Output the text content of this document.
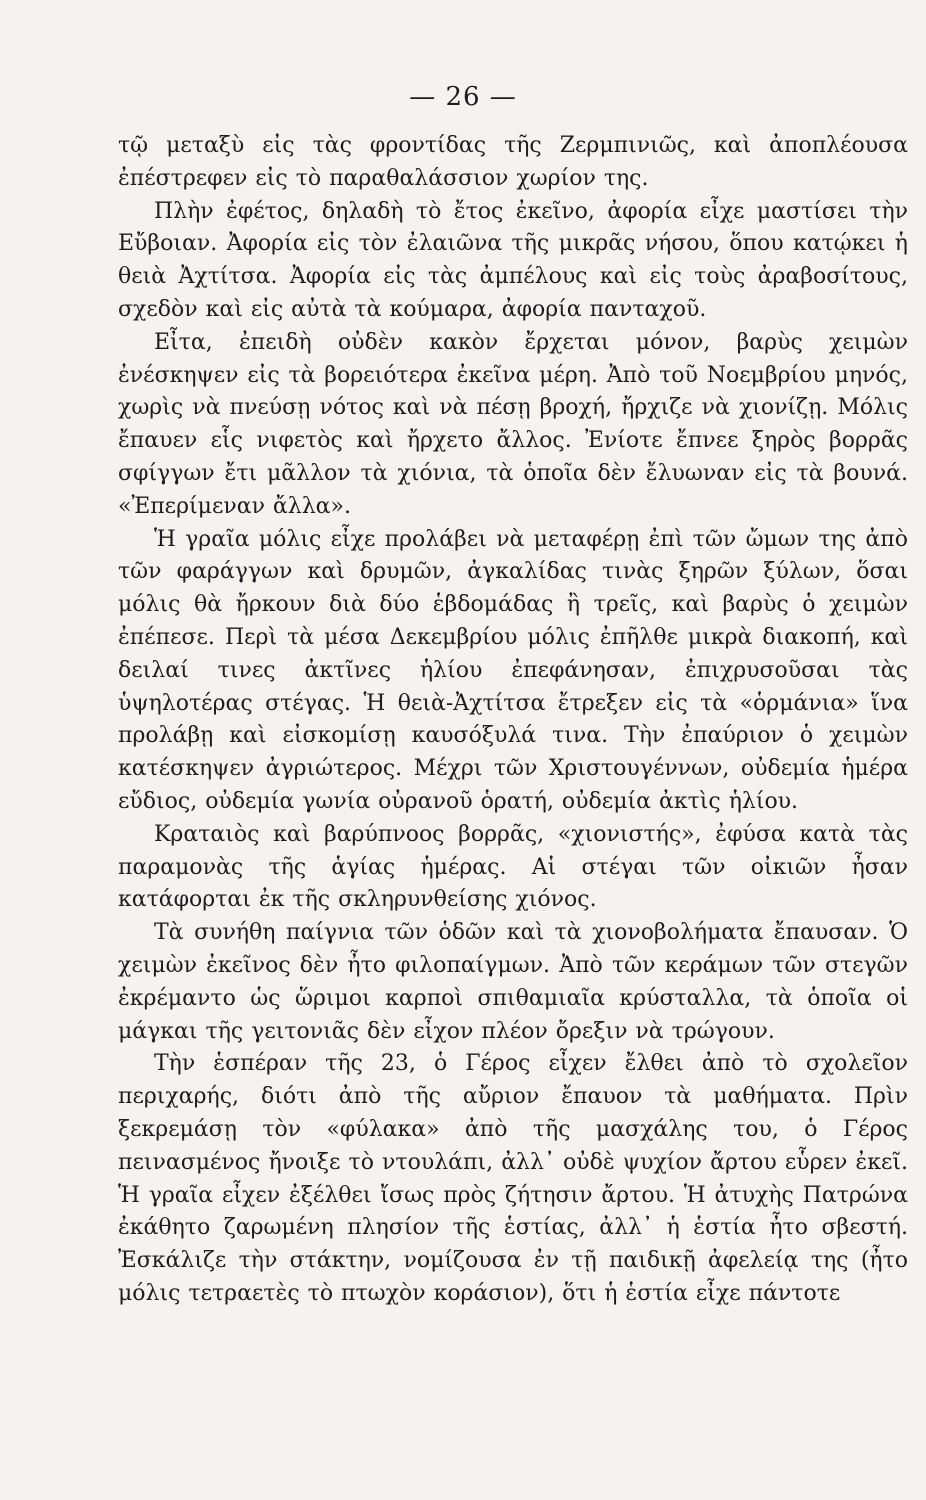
— 26 —

τῷ μεταξὺ εἰς τὰς φροντίδας τῆς Ζερμπινιῶς, καὶ ἀποπλέουσα ἐπέστρεφεν εἰς τὸ παραθαλάσσιον χωρίον της.

Πλὴν ἐφέτος, δηλαδὴ τὸ ἔτος ἐκεῖνο, ἀφορία εἶχε μαστίσει τὴν Εὔβοιαν. Ἀφορία εἰς τὸν ἐλαιῶνα τῆς μικρᾶς νήσου, ὅπου κατῴκει ἡ θειὰ Ἀχτίτσα. Ἀφορία εἰς τὰς ἀμπέλους καὶ εἰς τοὺς ἀραβοσίτους, σχεδὸν καὶ εἰς αὐτὰ τὰ κούμαρα, ἀφορία πανταχοῦ.

Εἶτα, ἐπειδὴ οὐδὲν κακὸν ἔρχεται μόνον, βαρὺς χειμὼν ἐνέσκηψεν εἰς τὰ βορειότερα ἐκεῖνα μέρη. Ἀπὸ τοῦ Νοεμβρίου μηνός, χωρὶς νὰ πνεύσῃ νότος καὶ νὰ πέσῃ βροχή, ἤρχιζε νὰ χιονίζῃ. Μόλις ἔπαυεν εἷς νιφετὸς καὶ ἤρχετο ἄλλος. Ἐνίοτε ἔπνεε ξηρὸς βορρᾶς σφίγγων ἔτι μᾶλλον τὰ χιόνια, τὰ ὁποῖα δὲν ἔλυωναν εἰς τὰ βουνά. «Ἐπερίμεναν ἄλλα».

Ἡ γραῖα μόλις εἶχε προλάβει νὰ μεταφέρῃ ἐπὶ τῶν ὤμων της ἀπὸ τῶν φαράγγων καὶ δρυμῶν, ἀγκαλίδας τινὰς ξηρῶν ξύλων, ὅσαι μόλις θὰ ἤρκουν διὰ δύο ἑβδομάδας ἢ τρεῖς, καὶ βαρὺς ὁ χειμὼν ἐπέπεσε. Περὶ τὰ μέσα Δεκεμβρίου μόλις ἐπῆλθε μικρὰ διακοπή, καὶ δειλαί τινες ἀκτῖνες ἡλίου ἐπεφάνησαν, ἐπιχρυσοῦσαι τὰς ὑψηλοτέρας στέγας. Ἡ θειὰ-Ἀχτίτσα ἔτρεξεν εἰς τὰ «ὁρμάνια» ἵνα προλάβῃ καὶ εἰσκομίσῃ καυσόξυλά τινα. Τὴν ἐπαύριον ὁ χειμὼν κατέσκηψεν ἀγριώτερος. Μέχρι τῶν Χριστουγέννων, οὐδεμία ἡμέρα εὔδιος, οὐδεμία γωνία οὐρανοῦ ὁρατή, οὐδεμία ἀκτὶς ἡλίου.

Κραταιὸς καὶ βαρύπνοος βορρᾶς, «χιονιστής», ἐφύσα κατὰ τὰς παραμονὰς τῆς ἁγίας ἡμέρας. Αἱ στέγαι τῶν οἰκιῶν ἦσαν κατάφορται ἐκ τῆς σκληρυνθείσης χιόνος.

Τὰ συνήθη παίγνια τῶν ὁδῶν καὶ τὰ χιονοβολήματα ἔπαυσαν. Ὁ χειμὼν ἐκεῖνος δὲν ἦτο φιλοπαίγμων. Ἀπὸ τῶν κεράμων τῶν στεγῶν ἐκρέμαντο ὡς ὥριμοι καρποὶ σπιθαμιαῖα κρύσταλλα, τὰ ὁποῖα οἱ μάγκαι τῆς γειτονιᾶς δὲν εἶχον πλέον ὄρεξιν νὰ τρώγουν.

Τὴν ἑσπέραν τῆς 23, ὁ Γέρος εἶχεν ἔλθει ἀπὸ τὸ σχολεῖον περιχαρής, διότι ἀπὸ τῆς αὔριον ἔπαυον τὰ μαθήματα. Πρὶν ξεκρεμάσῃ τὸν «φύλακα» ἀπὸ τῆς μασχάλης του, ὁ Γέρος πεινασμένος ἤνοιξε τὸ ντουλάπι, ἀλλ᾽ οὐδὲ ψυχίον ἄρτου εὗρεν ἐκεῖ. Ἡ γραῖα εἶχεν ἐξέλθει ἴσως πρὸς ζήτησιν ἄρτου. Ἡ ἀτυχὴς Πατρώνα ἐκάθητο ζαρωμένη πλησίον τῆς ἑστίας, ἀλλ᾽ ἡ ἑστία ἦτο σβεστή. Ἐσκάλιζε τὴν στάκτην, νομίζουσα ἐν τῇ παιδικῇ ἀφελείᾳ της (ἦτο μόλις τετραετὲς τὸ πτωχὸν κοράσιον), ὅτι ἡ ἑστία εἶχε πάντοτε
